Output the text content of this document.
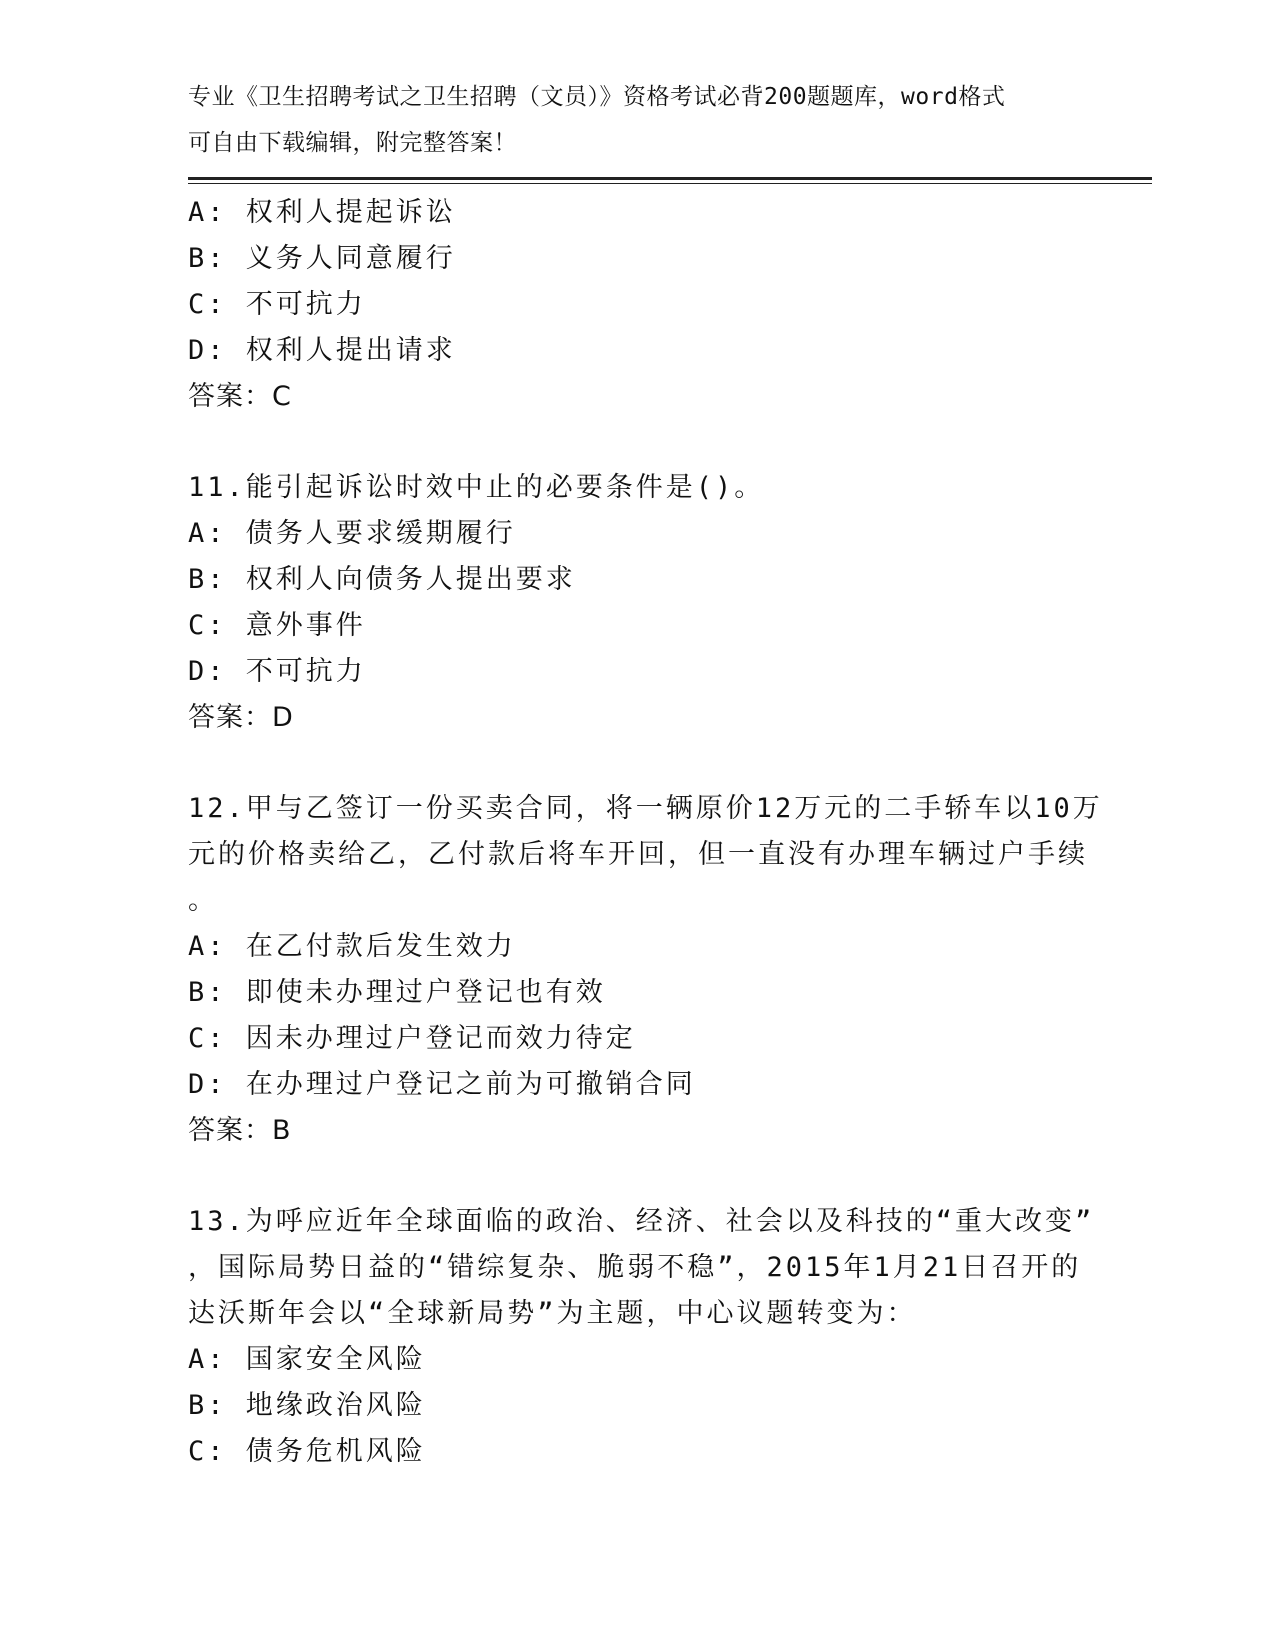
专业《卫生招聘考试之卫生招聘（文员）》资格考试必背200题题库，word格式
可自由下载编辑，附完整答案！
A: 权利人提起诉讼
B: 义务人同意履行
C: 不可抗力
D: 权利人提出请求
答案：C
11.能引起诉讼时效中止的必要条件是()。
A: 债务人要求缓期履行
B: 权利人向债务人提出要求
C: 意外事件
D: 不可抗力
答案：D
12.甲与乙签订一份买卖合同，将一辆原价12万元的二手轿车以10万
元的价格卖给乙，乙付款后将车开回，但一直没有办理车辆过户手续
。
A: 在乙付款后发生效力
B: 即使未办理过户登记也有效
C: 因未办理过户登记而效力待定
D: 在办理过户登记之前为可撤销合同
答案：B
13.为呼应近年全球面临的政治、经济、社会以及科技的“重大改变”
，国际局势日益的“错综复杂、脆弱不稳”，2015年1月21日召开的
达沃斯年会以“全球新局势”为主题，中心议题转变为：
A: 国家安全风险
B: 地缘政治风险
C: 债务危机风险
